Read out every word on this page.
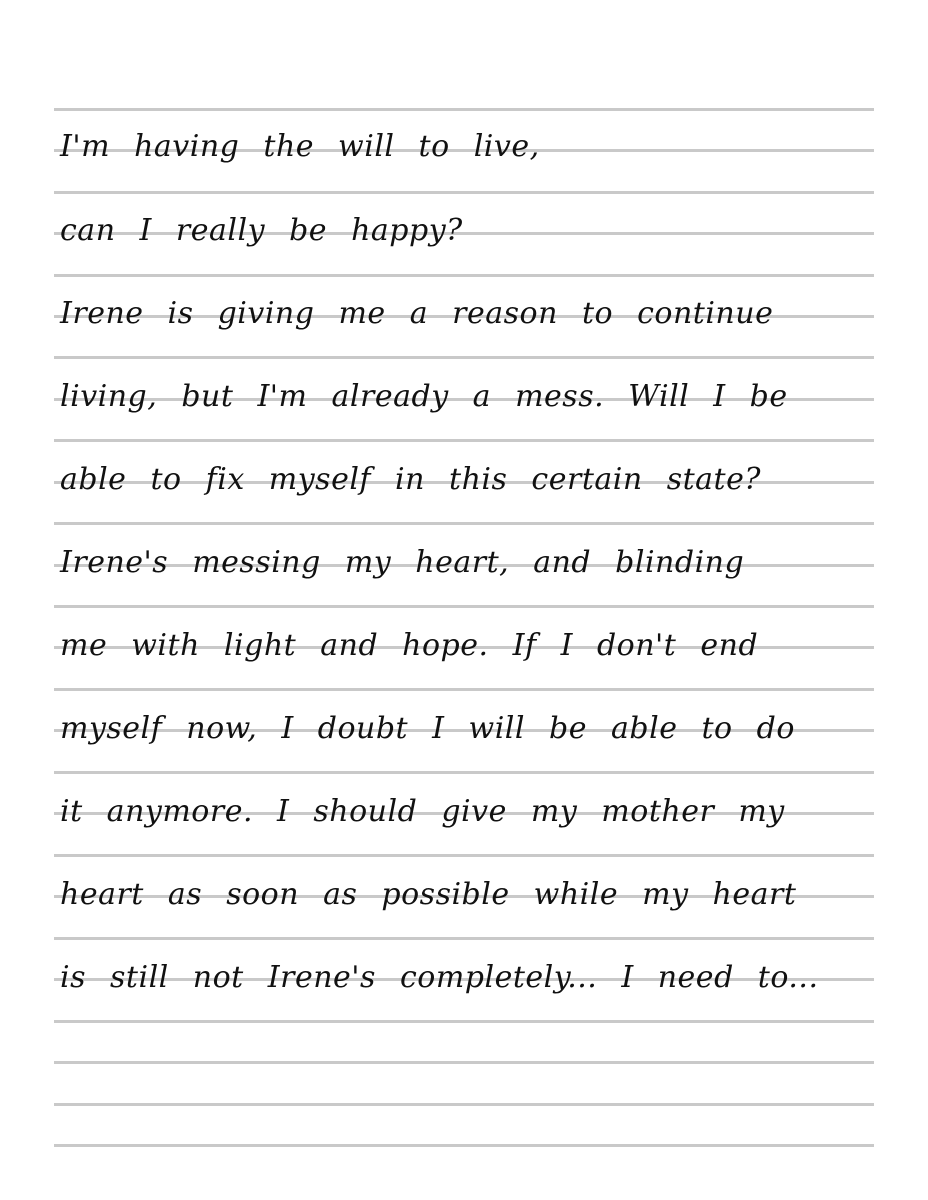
I'm having the will to live,
can I really be happy?
Irene is giving me a reason to continue
living, but I'm already a mess. Will I be
able to fix myself in this certain state?
Irene's messing my heart, and blinding
me with light and hope. If I don't end
myself now, I doubt I will be able to do
it anymore. I should give my mother my
heart as soon as possible while my heart
is still not Irene's completely... I need to...
